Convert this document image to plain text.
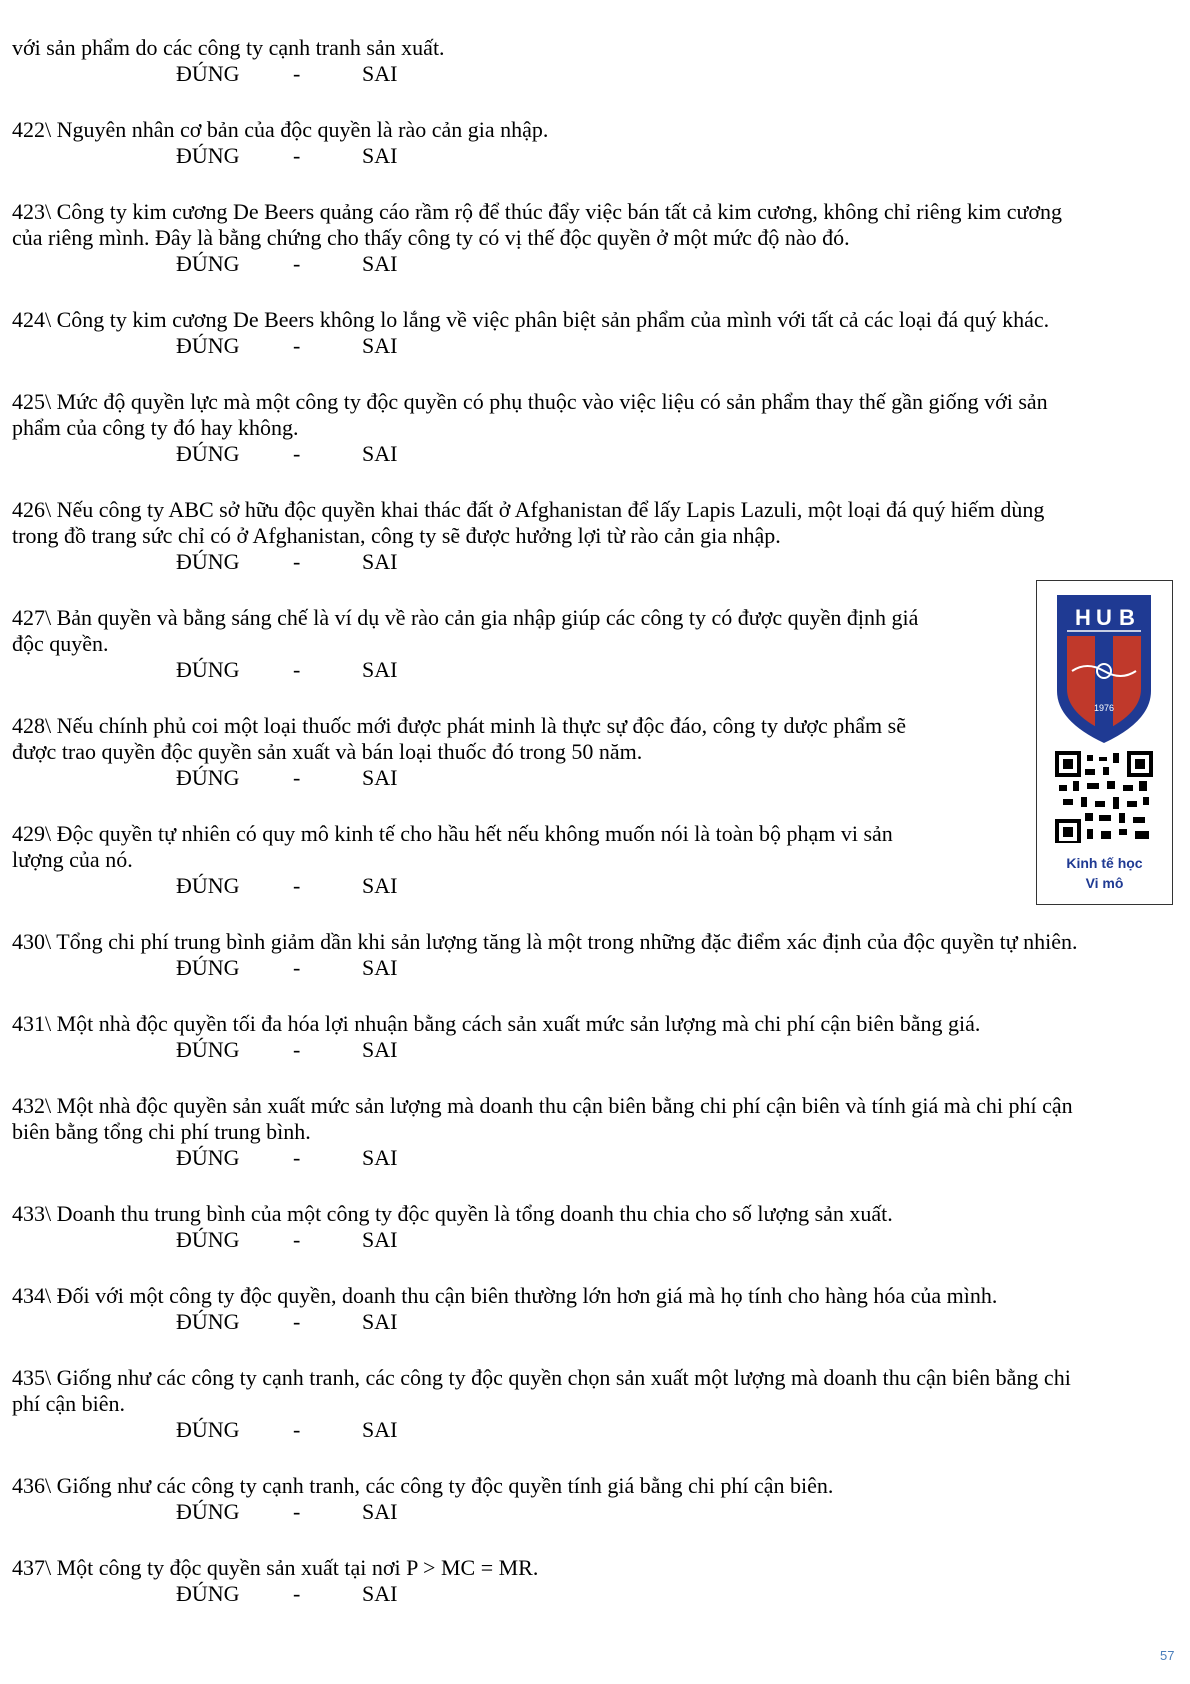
với sản phẩm do các công ty cạnh tranh sản xuất.
ĐÚNG -	SAI
422\ Nguyên nhân cơ bản của độc quyền là rào cản gia nhập.
ĐÚNG -	SAI
423\ Công ty kim cương De Beers quảng cáo rầm rộ để thúc đẩy việc bán tất cả kim cương, không chỉ riêng kim cương
của riêng mình. Đây là bằng chứng cho thấy công ty có vị thế độc quyền ở một mức độ nào đó.
ĐÚNG -	SAI
424\ Công ty kim cương De Beers không lo lắng về việc phân biệt sản phẩm của mình với tất cả các loại đá quý khác.
ĐÚNG -	SAI
425\ Mức độ quyền lực mà một công ty độc quyền có phụ thuộc vào việc liệu có sản phẩm thay thế gần giống với sản
phẩm của công ty đó hay không.
ĐÚNG -	SAI
426\ Nếu công ty ABC sở hữu độc quyền khai thác đất ở Afghanistan để lấy Lapis Lazuli, một loại đá quý hiếm dùng
trong đồ trang sức chỉ có ở Afghanistan, công ty sẽ được hưởng lợi từ rào cản gia nhập.
ĐÚNG -	SAI
427\ Bản quyền và bằng sáng chế là ví dụ về rào cản gia nhập giúp các công ty có được quyền định giá
độc quyền.
ĐÚNG -	SAI
428\ Nếu chính phủ coi một loại thuốc mới được phát minh là thực sự độc đáo, công ty dược phẩm sẽ
được trao quyền độc quyền sản xuất và bán loại thuốc đó trong 50 năm.
ĐÚNG -	SAI
429\ Độc quyền tự nhiên có quy mô kinh tế cho hầu hết nếu không muốn nói là toàn bộ phạm vi sản
lượng của nó.
ĐÚNG -	SAI
430\ Tổng chi phí trung bình giảm dần khi sản lượng tăng là một trong những đặc điểm xác định của độc quyền tự nhiên.
ĐÚNG -	SAI
431\ Một nhà độc quyền tối đa hóa lợi nhuận bằng cách sản xuất mức sản lượng mà chi phí cận biên bằng giá.
ĐÚNG -	SAI
432\ Một nhà độc quyền sản xuất mức sản lượng mà doanh thu cận biên bằng chi phí cận biên và tính giá mà chi phí cận
biên bằng tổng chi phí trung bình.
ĐÚNG -	SAI
433\ Doanh thu trung bình của một công ty độc quyền là tổng doanh thu chia cho số lượng sản xuất.
ĐÚNG -	SAI
434\ Đối với một công ty độc quyền, doanh thu cận biên thường lớn hơn giá mà họ tính cho hàng hóa của mình.
ĐÚNG -	SAI
435\ Giống như các công ty cạnh tranh, các công ty độc quyền chọn sản xuất một lượng mà doanh thu cận biên bằng chi
phí cận biên.
ĐÚNG -	SAI
436\ Giống như các công ty cạnh tranh, các công ty độc quyền tính giá bằng chi phí cận biên.
ĐÚNG -	SAI
437\ Một công ty độc quyền sản xuất tại nơi P > MC = MR.
ĐÚNG -	SAI
H U B
1976
Kinh tế học
Vi mô
57
